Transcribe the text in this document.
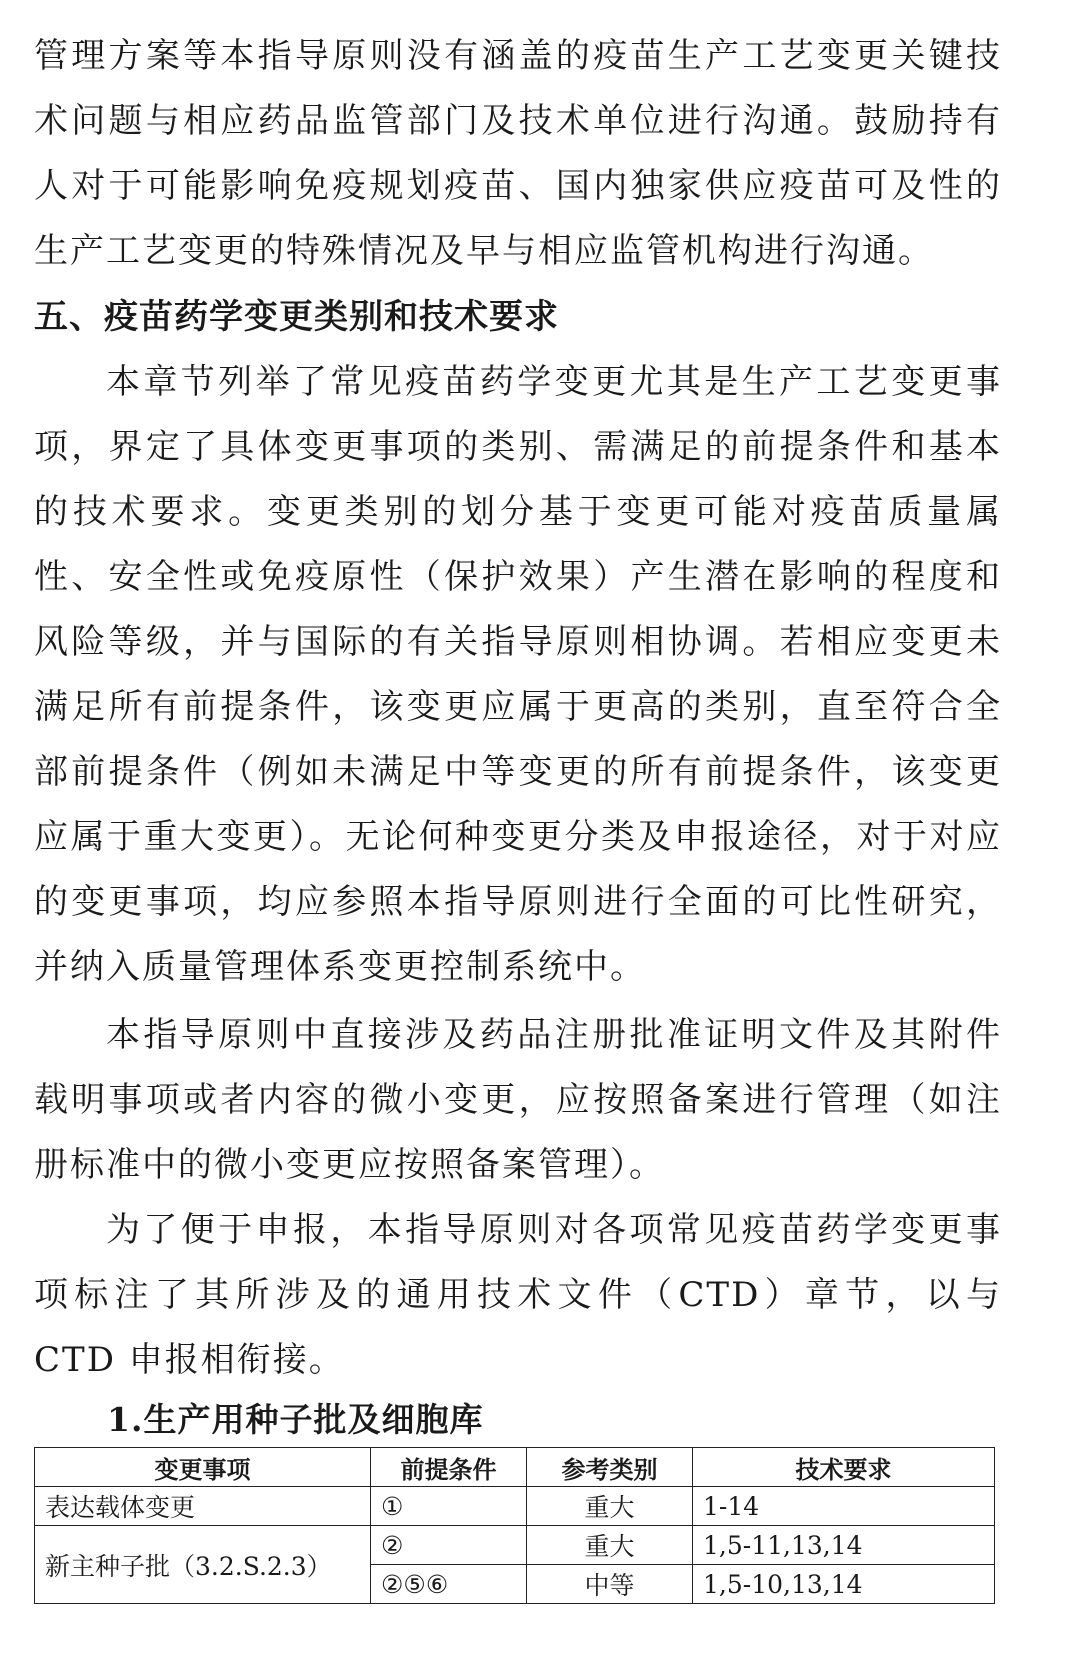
管理方案等本指导原则没有涵盖的疫苗生产工艺变更关键技术问题与相应药品监管部门及技术单位进行沟通。鼓励持有人对于可能影响免疫规划疫苗、国内独家供应疫苗可及性的生产工艺变更的特殊情况及早与相应监管机构进行沟通。

五、疫苗药学变更类别和技术要求

本章节列举了常见疫苗药学变更尤其是生产工艺变更事项，界定了具体变更事项的类别、需满足的前提条件和基本的技术要求。变更类别的划分基于变更可能对疫苗质量属性、安全性或免疫原性（保护效果）产生潜在影响的程度和风险等级，并与国际的有关指导原则相协调。若相应变更未满足所有前提条件，该变更应属于更高的类别，直至符合全部前提条件（例如未满足中等变更的所有前提条件，该变更应属于重大变更）。无论何种变更分类及申报途径，对于对应的变更事项，均应参照本指导原则进行全面的可比性研究，并纳入质量管理体系变更控制系统中。

本指导原则中直接涉及药品注册批准证明文件及其附件载明事项或者内容的微小变更，应按照备案进行管理（如注册标准中的微小变更应按照备案管理）。

为了便于申报，本指导原则对各项常见疫苗药学变更事项标注了其所涉及的通用技术文件（CTD）章节，以与 CTD 申报相衔接。

1.生产用种子批及细胞库
变更事项	前提条件	参考类别	技术要求
表达载体变更	①	重大	1-14
新主种子批（3.2.S.2.3）	②	重大	1,5-11,13,14
	②⑤⑥	中等	1,5-10,13,14
